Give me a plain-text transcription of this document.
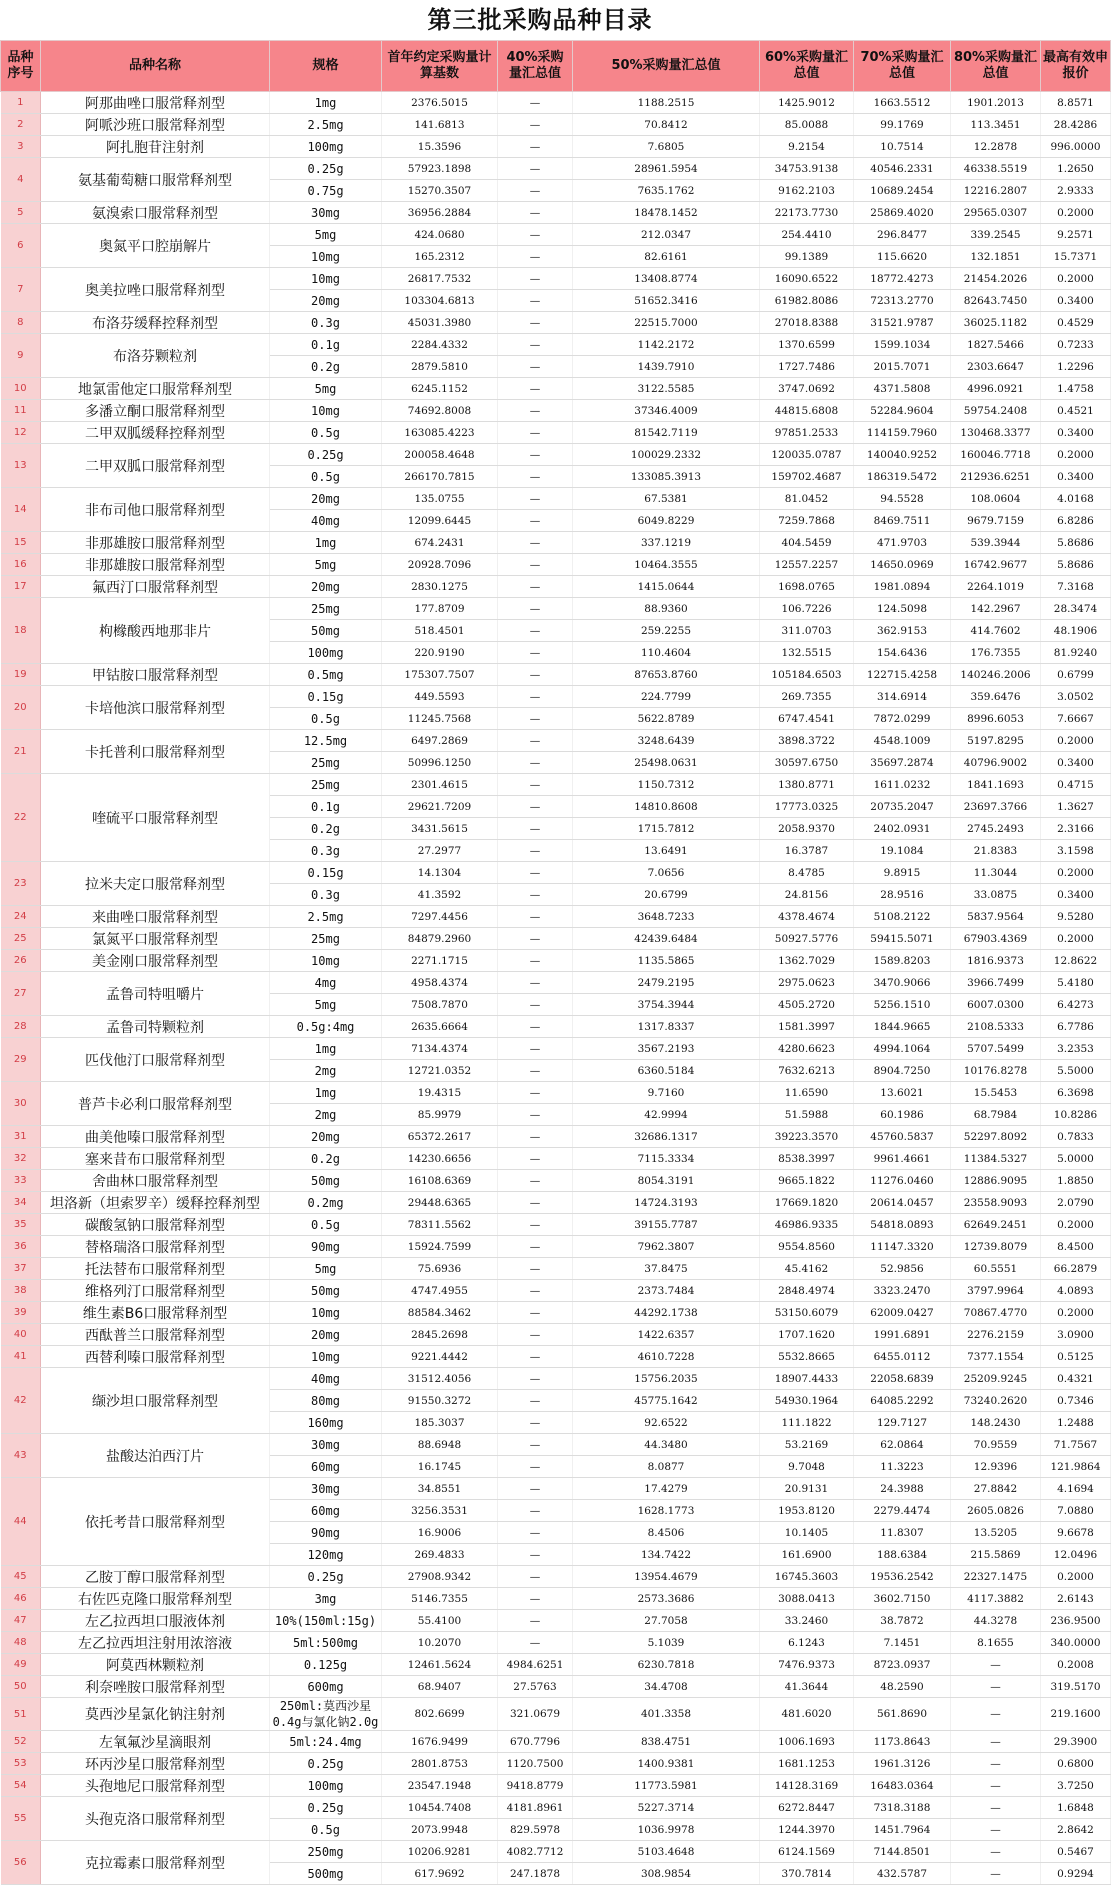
第三批采购品种目录
品种序号	品种名称	规格	首年约定采购量计算基数	40%采购量汇总值	50%采购量汇总值	60%采购量汇总值	70%采购量汇总值	80%采购量汇总值	最高有效申报价
1	阿那曲唑口服常释剂型	1mg	2376.5015	—	1188.2515	1425.9012	1663.5512	1901.2013	8.8571
2	阿哌沙班口服常释剂型	2.5mg	141.6813	—	70.8412	85.0088	99.1769	113.3451	28.4286
3	阿扎胞苷注射剂	100mg	15.3596	—	7.6805	9.2154	10.7514	12.2878	996.0000
4	氨基葡萄糖口服常释剂型	0.25g	57923.1898	—	28961.5954	34753.9138	40546.2331	46338.5519	1.2650
		0.75g	15270.3507	—	7635.1762	9162.2103	10689.2454	12216.2807	2.9333
5	氨溴索口服常释剂型	30mg	36956.2884	—	18478.1452	22173.7730	25869.4020	29565.0307	0.2000
6	奥氮平口腔崩解片	5mg	424.0680	—	212.0347	254.4410	296.8477	339.2545	9.2571
		10mg	165.2312	—	82.6161	99.1389	115.6620	132.1851	15.7371
7	奥美拉唑口服常释剂型	10mg	26817.7532	—	13408.8774	16090.6522	18772.4273	21454.2026	0.2000
		20mg	103304.6813	—	51652.3416	61982.8086	72313.2770	82643.7450	0.3400
8	布洛芬缓释控释剂型	0.3g	45031.3980	—	22515.7000	27018.8388	31521.9787	36025.1182	0.4529
9	布洛芬颗粒剂	0.1g	2284.4332	—	1142.2172	1370.6599	1599.1034	1827.5466	0.7233
		0.2g	2879.5810	—	1439.7910	1727.7486	2015.7071	2303.6647	1.2296
10	地氯雷他定口服常释剂型	5mg	6245.1152	—	3122.5585	3747.0692	4371.5808	4996.0921	1.4758
11	多潘立酮口服常释剂型	10mg	74692.8008	—	37346.4009	44815.6808	52284.9604	59754.2408	0.4521
12	二甲双胍缓释控释剂型	0.5g	163085.4223	—	81542.7119	97851.2533	114159.7960	130468.3377	0.3400
13	二甲双胍口服常释剂型	0.25g	200058.4648	—	100029.2332	120035.0787	140040.9252	160046.7718	0.2000
		0.5g	266170.7815	—	133085.3913	159702.4687	186319.5472	212936.6251	0.3400
14	非布司他口服常释剂型	20mg	135.0755	—	67.5381	81.0452	94.5528	108.0604	4.0168
		40mg	12099.6445	—	6049.8229	7259.7868	8469.7511	9679.7159	6.8286
15	非那雄胺口服常释剂型	1mg	674.2431	—	337.1219	404.5459	471.9703	539.3944	5.8686
16	非那雄胺口服常释剂型	5mg	20928.7096	—	10464.3555	12557.2257	14650.0969	16742.9677	5.8686
17	氟西汀口服常释剂型	20mg	2830.1275	—	1415.0644	1698.0765	1981.0894	2264.1019	7.3168
18	枸橼酸西地那非片	25mg	177.8709	—	88.9360	106.7226	124.5098	142.2967	28.3474
		50mg	518.4501	—	259.2255	311.0703	362.9153	414.7602	48.1906
		100mg	220.9190	—	110.4604	132.5515	154.6436	176.7355	81.9240
19	甲钴胺口服常释剂型	0.5mg	175307.7507	—	87653.8760	105184.6503	122715.4258	140246.2006	0.6799
20	卡培他滨口服常释剂型	0.15g	449.5593	—	224.7799	269.7355	314.6914	359.6476	3.0502
		0.5g	11245.7568	—	5622.8789	6747.4541	7872.0299	8996.6053	7.6667
21	卡托普利口服常释剂型	12.5mg	6497.2869	—	3248.6439	3898.3722	4548.1009	5197.8295	0.2000
		25mg	50996.1250	—	25498.0631	30597.6750	35697.2874	40796.9002	0.3400
22	喹硫平口服常释剂型	25mg	2301.4615	—	1150.7312	1380.8771	1611.0232	1841.1693	0.4715
		0.1g	29621.7209	—	14810.8608	17773.0325	20735.2047	23697.3766	1.3627
		0.2g	3431.5615	—	1715.7812	2058.9370	2402.0931	2745.2493	2.3166
		0.3g	27.2977	—	13.6491	16.3787	19.1084	21.8383	3.1598
23	拉米夫定口服常释剂型	0.15g	14.1304	—	7.0656	8.4785	9.8915	11.3044	0.2000
		0.3g	41.3592	—	20.6799	24.8156	28.9516	33.0875	0.3400
24	来曲唑口服常释剂型	2.5mg	7297.4456	—	3648.7233	4378.4674	5108.2122	5837.9564	9.5280
25	氯氮平口服常释剂型	25mg	84879.2960	—	42439.6484	50927.5776	59415.5071	67903.4369	0.2000
26	美金刚口服常释剂型	10mg	2271.1715	—	1135.5865	1362.7029	1589.8203	1816.9373	12.8622
27	孟鲁司特咀嚼片	4mg	4958.4374	—	2479.2195	2975.0623	3470.9066	3966.7499	5.4180
		5mg	7508.7870	—	3754.3944	4505.2720	5256.1510	6007.0300	6.4273
28	孟鲁司特颗粒剂	0.5g:4mg	2635.6664	—	1317.8337	1581.3997	1844.9665	2108.5333	6.7786
29	匹伐他汀口服常释剂型	1mg	7134.4374	—	3567.2193	4280.6623	4994.1064	5707.5499	3.2353
		2mg	12721.0352	—	6360.5184	7632.6213	8904.7250	10176.8278	5.5000
30	普芦卡必利口服常释剂型	1mg	19.4315	—	9.7160	11.6590	13.6021	15.5453	6.3698
		2mg	85.9979	—	42.9994	51.5988	60.1986	68.7984	10.8286
31	曲美他嗪口服常释剂型	20mg	65372.2617	—	32686.1317	39223.3570	45760.5837	52297.8092	0.7833
32	塞来昔布口服常释剂型	0.2g	14230.6656	—	7115.3334	8538.3997	9961.4661	11384.5327	5.0000
33	舍曲林口服常释剂型	50mg	16108.6369	—	8054.3191	9665.1822	11276.0460	12886.9095	1.8850
34	坦洛新（坦索罗辛）缓释控释剂型	0.2mg	29448.6365	—	14724.3193	17669.1820	20614.0457	23558.9093	2.0790
35	碳酸氢钠口服常释剂型	0.5g	78311.5562	—	39155.7787	46986.9335	54818.0893	62649.2451	0.2000
36	替格瑞洛口服常释剂型	90mg	15924.7599	—	7962.3807	9554.8560	11147.3320	12739.8079	8.4500
37	托法替布口服常释剂型	5mg	75.6936	—	37.8475	45.4162	52.9856	60.5551	66.2879
38	维格列汀口服常释剂型	50mg	4747.4955	—	2373.7484	2848.4974	3323.2470	3797.9964	4.0893
39	维生素B6口服常释剂型	10mg	88584.3462	—	44292.1738	53150.6079	62009.0427	70867.4770	0.2000
40	西酞普兰口服常释剂型	20mg	2845.2698	—	1422.6357	1707.1620	1991.6891	2276.2159	3.0900
41	西替利嗪口服常释剂型	10mg	9221.4442	—	4610.7228	5532.8665	6455.0112	7377.1554	0.5125
42	缬沙坦口服常释剂型	40mg	31512.4056	—	15756.2035	18907.4433	22058.6839	25209.9245	0.4321
		80mg	91550.3272	—	45775.1642	54930.1964	64085.2292	73240.2620	0.7346
		160mg	185.3037	—	92.6522	111.1822	129.7127	148.2430	1.2488
43	盐酸达泊西汀片	30mg	88.6948	—	44.3480	53.2169	62.0864	70.9559	71.7567
		60mg	16.1745	—	8.0877	9.7048	11.3223	12.9396	121.9864
44	依托考昔口服常释剂型	30mg	34.8551	—	17.4279	20.9131	24.3988	27.8842	4.1694
		60mg	3256.3531	—	1628.1773	1953.8120	2279.4474	2605.0826	7.0880
		90mg	16.9006	—	8.4506	10.1405	11.8307	13.5205	9.6678
		120mg	269.4833	—	134.7422	161.6900	188.6384	215.5869	12.0496
45	乙胺丁醇口服常释剂型	0.25g	27908.9342	—	13954.4679	16745.3603	19536.2542	22327.1475	0.2000
46	右佐匹克隆口服常释剂型	3mg	5146.7355	—	2573.3686	3088.0413	3602.7150	4117.3882	2.6143
47	左乙拉西坦口服液体剂	10%(150ml:15g)	55.4100	—	27.7058	33.2460	38.7872	44.3278	236.9500
48	左乙拉西坦注射用浓溶液	5ml:500mg	10.2070	—	5.1039	6.1243	7.1451	8.1655	340.0000
49	阿莫西林颗粒剂	0.125g	12461.5624	4984.6251	6230.7818	7476.9373	8723.0937	—	0.2008
50	利奈唑胺口服常释剂型	600mg	68.9407	27.5763	34.4708	41.3644	48.2590	—	319.5170
51	莫西沙星氯化钠注射剂	250ml:莫西沙星0.4g与氯化钠2.0g	802.6699	321.0679	401.3358	481.6020	561.8690	—	219.1600
52	左氧氟沙星滴眼剂	5ml:24.4mg	1676.9499	670.7796	838.4751	1006.1693	1173.8643	—	29.3900
53	环丙沙星口服常释剂型	0.25g	2801.8753	1120.7500	1400.9381	1681.1253	1961.3126	—	0.6800
54	头孢地尼口服常释剂型	100mg	23547.1948	9418.8779	11773.5981	14128.3169	16483.0364	—	3.7250
55	头孢克洛口服常释剂型	0.25g	10454.7408	4181.8961	5227.3714	6272.8447	7318.3188	—	1.6848
		0.5g	2073.9948	829.5978	1036.9978	1244.3970	1451.7964	—	2.8642
56	克拉霉素口服常释剂型	250mg	10206.9281	4082.7712	5103.4648	6124.1569	7144.8501	—	0.5467
		500mg	617.9692	247.1878	308.9854	370.7814	432.5787	—	0.9294
